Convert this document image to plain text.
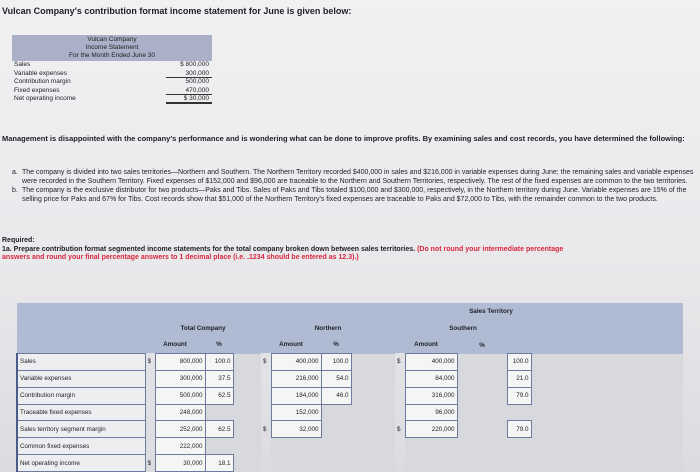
Vulcan Company's contribution format income statement for June is given below:
Vulcan Company
Income Statement
For the Month Ended June 30
Sales	$ 800,000
Variable expenses	300,000
Contribution margin	500,000
Fixed expenses	470,000
Net operating income	$ 30,000
Management is disappointed with the company's performance and is wondering what can be done to improve profits. By examining sales and cost records, you have determined the following:
a. The company is divided into two sales territories—Northern and Southern. The Northern Territory recorded $400,000 in sales and $216,000 in variable expenses during June; the remaining sales and variable expenses were recorded in the Southern Territory. Fixed expenses of $152,000 and $96,000 are traceable to the Northern and Southern Territories, respectively. The rest of the fixed expenses are common to the two territories.
b. The company is the exclusive distributor for two products—Paks and Tibs. Sales of Paks and Tibs totaled $100,000 and $300,000, respectively, in the Northern territory during June. Variable expenses are 15% of the selling price for Paks and 67% for Tibs. Cost records show that $51,000 of the Northern Territory's fixed expenses are traceable to Paks and $72,000 to Tibs, with the remainder common to the two products.
Required:
1a. Prepare contribution format segmented income statements for the total company broken down between sales territories. (Do not round your intermediate percentage
answers and round your final percentage answers to 1 decimal place (i.e. .1234 should be entered as 12.3).)
					Sales Territory								
	Total Company				Northern				Southern				
	Amount		%		Amount		%		Amount		%		
Sales	$	800,000	100.0		$	400,000	100.0		$	400,000		100.0	
Variable expenses		300,000	37.5			216,000	54.0			84,000		21.0	
Contribution margin		500,000	62.5			184,000	46.0			316,000		79.0	
Traceable fixed expenses		248,000				152,000				96,000			
Sales territory segment margin		252,000	62.5		$	32,000			$	220,000		79.0	
Common fixed expenses		222,000											
Net operating income	$	30,000	18.1										
